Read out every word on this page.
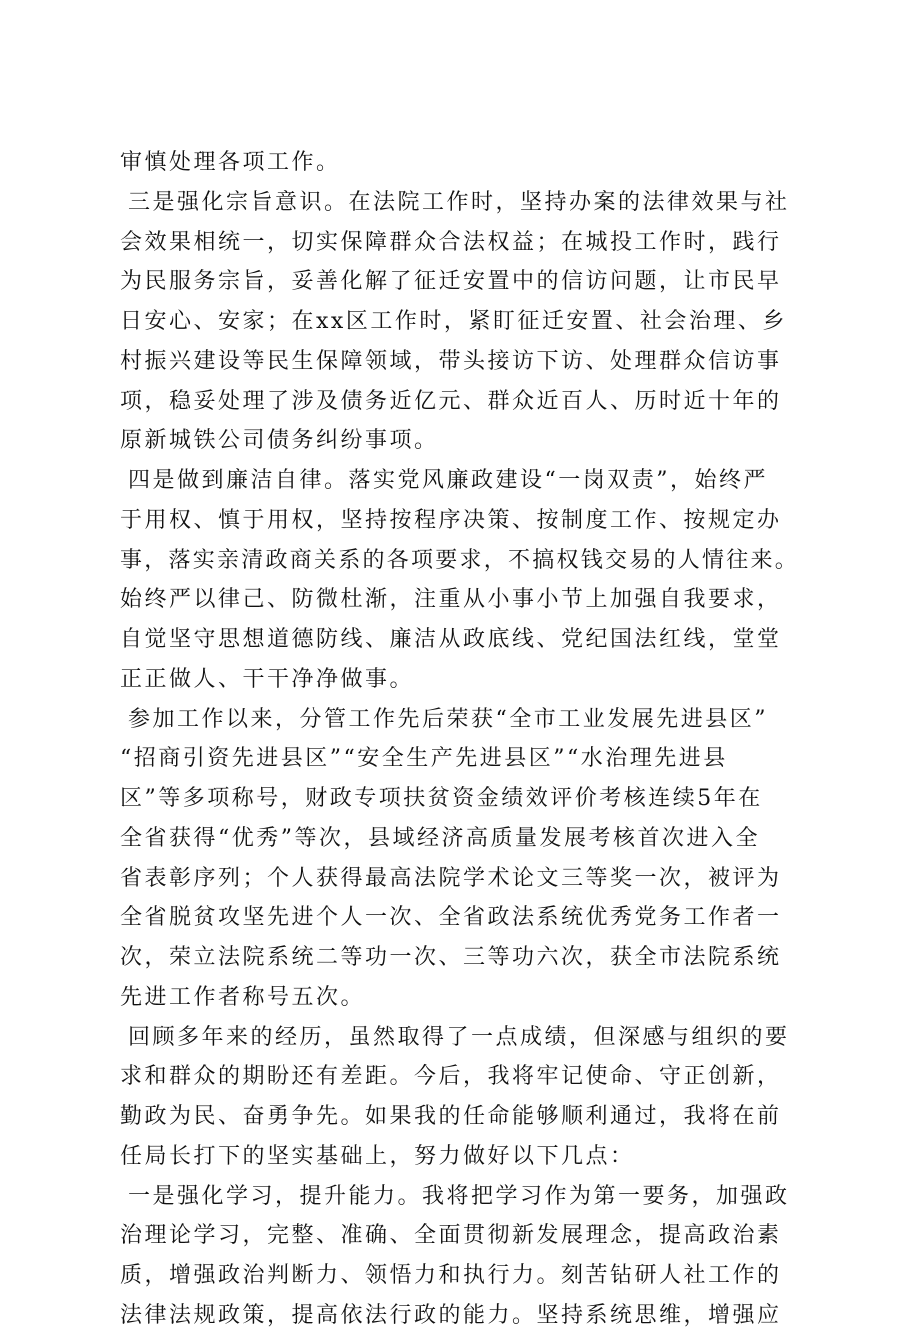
审慎处理各项工作。
三是强化宗旨意识。在法院工作时，坚持办案的法律效果与社
会效果相统一，切实保障群众合法权益；在城投工作时，践行
为民服务宗旨，妥善化解了征迁安置中的信访问题，让市民早
日安心、安家；在xx区工作时，紧盯征迁安置、社会治理、乡
村振兴建设等民生保障领域，带头接访下访、处理群众信访事
项，稳妥处理了涉及债务近亿元、群众近百人、历时近十年的
原新城铁公司债务纠纷事项。
四是做到廉洁自律。落实党风廉政建设“一岗双责”，始终严
于用权、慎于用权，坚持按程序决策、按制度工作、按规定办
事，落实亲清政商关系的各项要求，不搞权钱交易的人情往来。
始终严以律己、防微杜渐，注重从小事小节上加强自我要求，
自觉坚守思想道德防线、廉洁从政底线、党纪国法红线，堂堂
正正做人、干干净净做事。
参加工作以来，分管工作先后荣获“全市工业发展先进县区”
“招商引资先进县区”“安全生产先进县区”“水治理先进县
区”等多项称号，财政专项扶贫资金绩效评价考核连续5年在
全省获得“优秀”等次，县域经济高质量发展考核首次进入全
省表彰序列；个人获得最高法院学术论文三等奖一次，被评为
全省脱贫攻坚先进个人一次、全省政法系统优秀党务工作者一
次，荣立法院系统二等功一次、三等功六次，获全市法院系统
先进工作者称号五次。
回顾多年来的经历，虽然取得了一点成绩，但深感与组织的要
求和群众的期盼还有差距。今后，我将牢记使命、守正创新，
勤政为民、奋勇争先。如果我的任命能够顺利通过，我将在前
任局长打下的坚实基础上，努力做好以下几点：
一是强化学习，提升能力。我将把学习作为第一要务，加强政
治理论学习，完整、准确、全面贯彻新发展理念，提高政治素
质，增强政治判断力、领悟力和执行力。刻苦钻研人社工作的
法律法规政策，提高依法行政的能力。坚持系统思维，增强应
